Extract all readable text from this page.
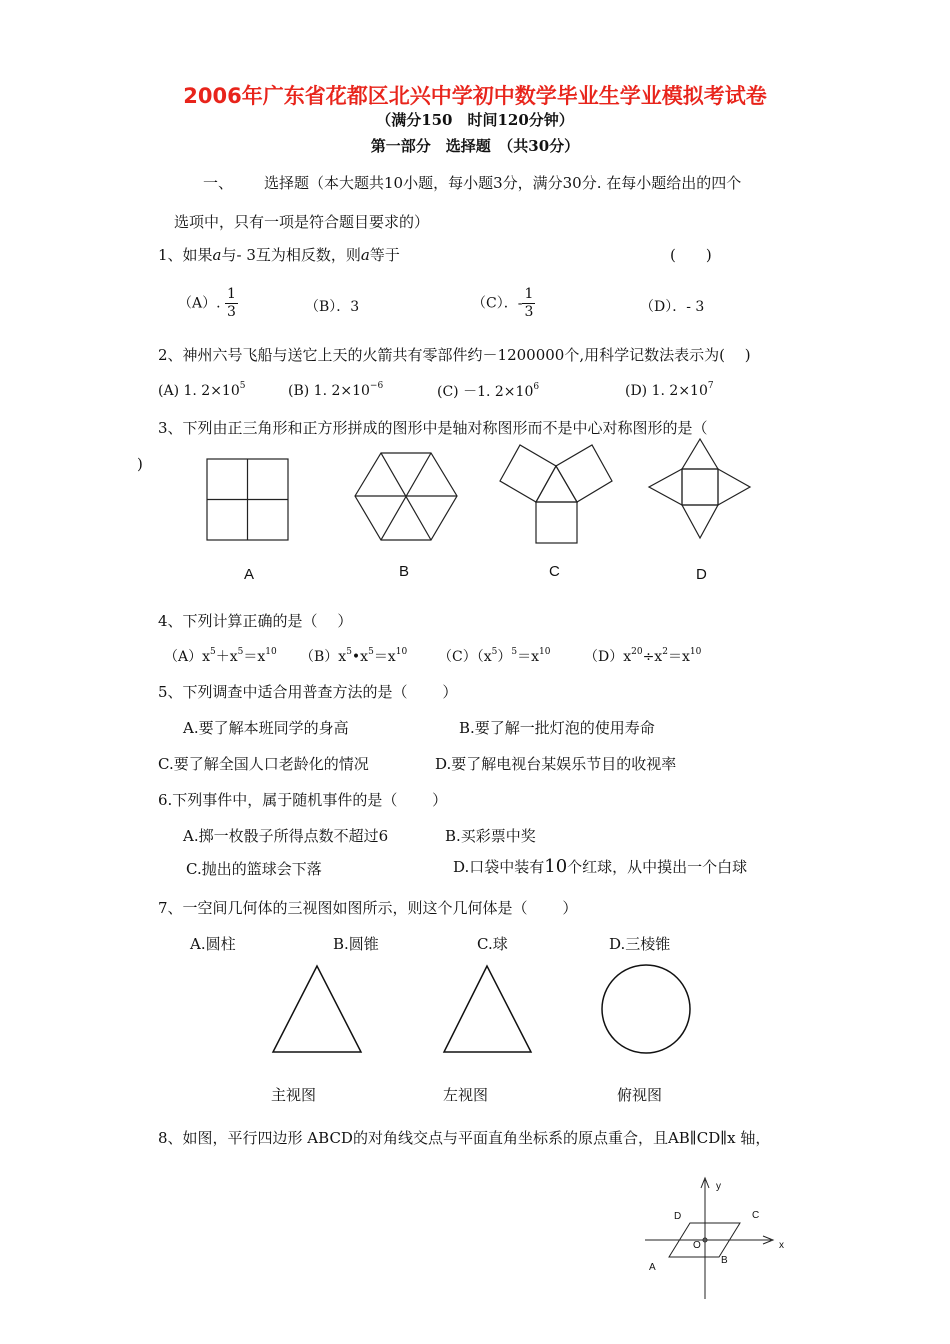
2006年广东省花都区北兴中学初中数学毕业生学业模拟考试卷
（满分150　时间120分钟）
第一部分　选择题　（共30分）
一、 选择题（本大题共10小题，每小题3分，满分30分. 在每小题给出的四个
选项中，只有一项是符合题目要求的）
1、如果a与- 3互为相反数，则a等于	(　　)
（A）. $\frac{1}{3}$	（B）．3	（C）．- $\frac{1}{3}$	（D）．- 3
2、神州六号飞船与送它上天的火箭共有零部件约－1200000个,用科学记数法表示为(　 )
(A) 1. $2\times 10^5$	(B) 1. $2\times 10^{-6}$	(C) －1. $2\times 10^6$	(D) 1. $2\times 10^7$
3、下列由正三角形和正方形拼成的图形中是轴对称图形而不是中心对称图形的是（
)
y
x
D	C
O
B
A
A	B	C	D
4、下列计算正确的是（　 ）
$(A)x^5+x^5=x^{10}$ $(B)x^5•x^5=x^{10}$ $(C)(x^5)^5=x^{10}$ $(D)x^{20}\div x^2=x^{10}$
5、下列调查中适合用普查方法的是（　　 ）
A.要了解本班同学的身高	B.要了解一批灯泡的使用寿命
C.要了解全国人口老龄化的情况	D.要了解电视台某娱乐节目的收视率
6.下列事件中，属于随机事件的是（　　 ）
A.掷一枚骰子所得点数不超过6	B.买彩票中奖
C.抛出的篮球会下落	D.口袋中装有10个红球，从中摸出一个白球
7、一空间几何体的三视图如图所示，则这个几何体是（　　 ）
A.圆柱	B.圆锥	C.球	D.三棱锥
主视图	左视图	俯视图
8、如图，平行四边形 ABCD的对角线交点与平面直角坐标系的原点重合，且AB∥CD∥x 轴，
